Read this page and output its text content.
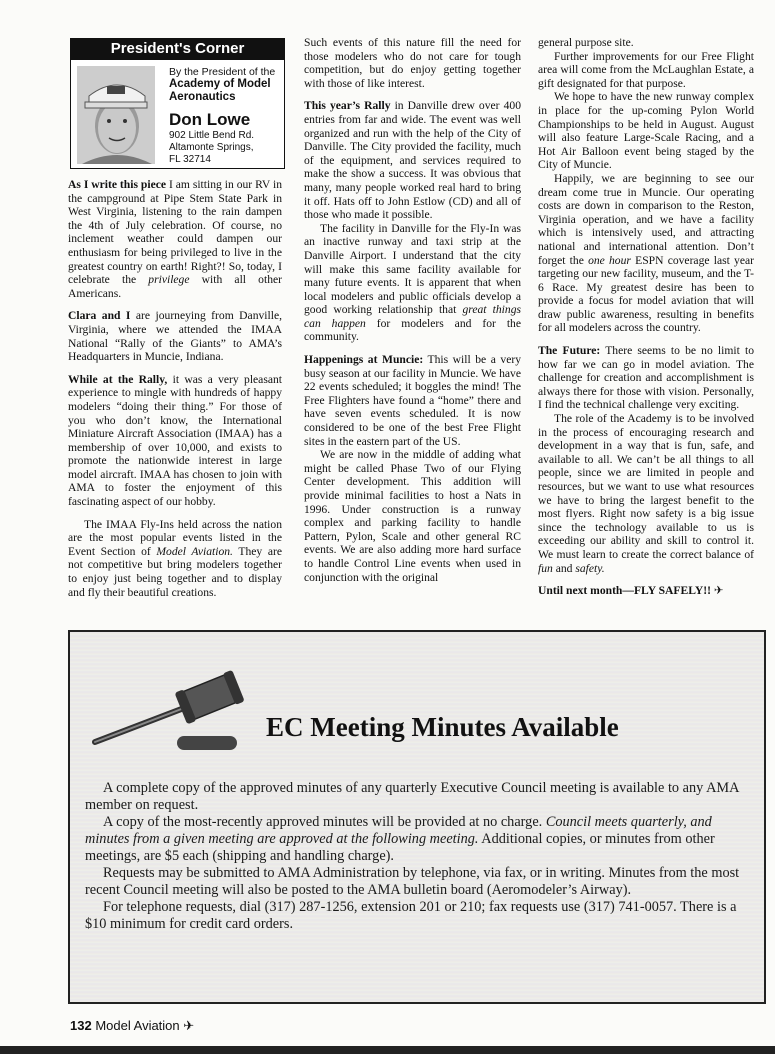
President's Corner
By the President of the
Academy of Model
Aeronautics
Don Lowe
902 Little Bend Rd.
Altamonte Springs,
FL 32714

As I write this piece I am sitting in our RV in the campground at Pipe Stem State Park in West Virginia, listening to the rain dampen the 4th of July celebration. Of course, no inclement weather could dampen our enthusiasm for being privileged to live in the greatest country on earth! Right?! So, today, I celebrate the privilege with all other Americans.

Clara and I are journeying from Danville, Virginia, where we attended the IMAA National “Rally of the Giants” to AMA’s Headquarters in Muncie, Indiana.

While at the Rally, it was a very pleasant experience to mingle with hundreds of happy modelers “doing their thing.” For those of you who don’t know, the International Miniature Aircraft Association (IMAA) has a membership of over 10,000, and exists to promote the nationwide interest in large model aircraft. IMAA has chosen to join with AMA to foster the enjoyment of this fascinating aspect of our hobby.

The IMAA Fly-Ins held across the nation are the most popular events listed in the Event Section of Model Aviation. They are not competitive but bring modelers together to enjoy just being together and to display and fly their beautiful creations.

Such events of this nature fill the need for those modelers who do not care for tough competition, but do enjoy getting together with those of like interest.

This year’s Rally in Danville drew over 400 entries from far and wide. The event was well organized and run with the help of the City of Danville. The City provided the facility, much of the equipment, and services required to make the show a success. It was obvious that many, many people worked real hard to bring it off. Hats off to John Estlow (CD) and all of those who made it possible.

The facility in Danville for the Fly-In was an inactive runway and taxi strip at the Danville Airport. I understand that the city will make this same facility available for many future events. It is apparent that when local modelers and public officials develop a good working relationship that great things can happen for modelers and for the community.

Happenings at Muncie: This will be a very busy season at our facility in Muncie. We have 22 events scheduled; it boggles the mind! The Free Flighters have found a “home” there and have seven events scheduled. It is now considered to be one of the best Free Flight sites in the eastern part of the US.

We are now in the middle of adding what might be called Phase Two of our Flying Center development. This addition will provide minimal facilities to host a Nats in 1996. Under construction is a runway complex and parking facility to handle Pattern, Pylon, Scale and other general RC events. We are also adding more hard surface to handle Control Line events when used in conjunction with the original

general purpose site.

Further improvements for our Free Flight area will come from the McLaughlan Estate, a gift designated for that purpose.

We hope to have the new runway complex in place for the up-coming Pylon World Championships to be held in August. August will also feature Large-Scale Racing, and a Hot Air Balloon event being staged by the City of Muncie.

Happily, we are beginning to see our dream come true in Muncie. Our operating costs are down in comparison to the Reston, Virginia operation, and we have a facility which is intensively used, and attracting national and international attention. Don’t forget the one hour ESPN coverage last year targeting our new facility, museum, and the T-6 Race. My greatest desire has been to provide a focus for model aviation that will draw public awareness, resulting in benefits for all modelers across the country.

The Future: There seems to be no limit to how far we can go in model aviation. The challenge for creation and accomplishment is always there for those with vision. Personally, I find the technical challenge very exciting.

The role of the Academy is to be involved in the process of encouraging research and development in a way that is fun, safe, and available to all. We can’t be all things to all people, since we are limited in people and resources, but we want to use what resources we have to bring the largest benefit to the most flyers. Right now safety is a big issue since the technology available to us is exceeding our ability and skill to control it. We must learn to create the correct balance of fun and safety.

Until next month—FLY SAFELY!! ✈

EC Meeting Minutes Available

A complete copy of the approved minutes of any quarterly Executive Council meeting is available to any AMA member on request.

A copy of the most-recently approved minutes will be provided at no charge. Council meets quarterly, and minutes from a given meeting are approved at the following meeting. Additional copies, or minutes from other meetings, are $5 each (shipping and handling charge).

Requests may be submitted to AMA Administration by telephone, via fax, or in writing. Minutes from the most recent Council meeting will also be posted to the AMA bulletin board (Aeromodeler’s Airway).

For telephone requests, dial (317) 287-1256, extension 201 or 210; fax requests use (317) 741-0057. There is a $10 minimum for credit card orders.

132 Model Aviation ✈
